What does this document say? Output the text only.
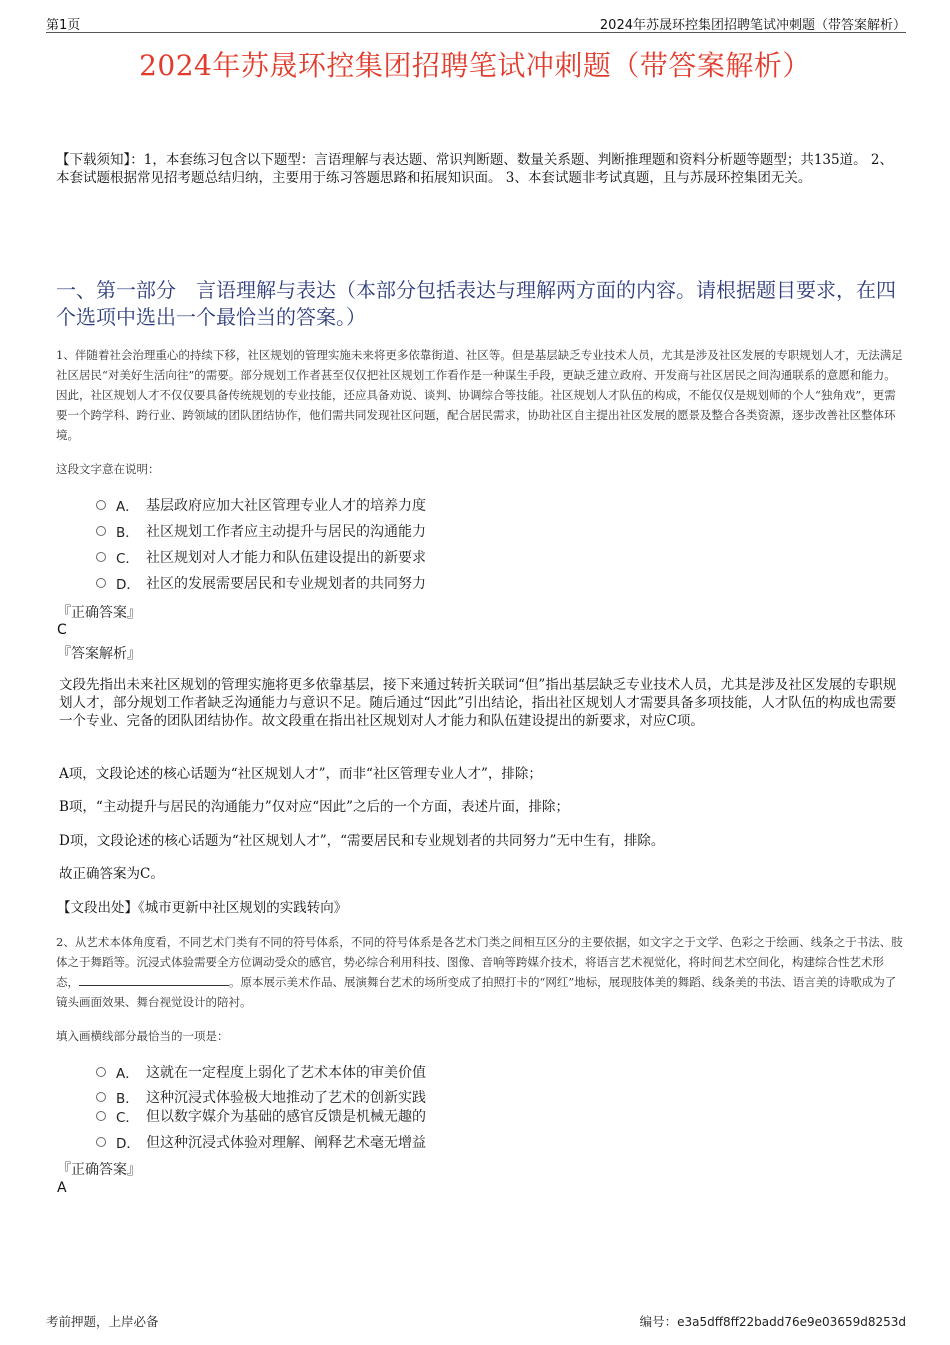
第1页	2024年苏晟环控集团招聘笔试冲刺题（带答案解析）
2024年苏晟环控集团招聘笔试冲刺题（带答案解析）
【下载须知】：1，本套练习包含以下题型：言语理解与表达题、常识判断题、数量关系题、判断推理题和资料分析题等题型；共135道。 2、本套试题根据常见招考题总结归纳，主要用于练习答题思路和拓展知识面。 3、本套试题非考试真题，且与苏晟环控集团无关。
一、第一部分　言语理解与表达（本部分包括表达与理解两方面的内容。请根据题目要求，在四个选项中选出一个最恰当的答案。）
1、伴随着社会治理重心的持续下移，社区规划的管理实施未来将更多依靠街道、社区等。但是基层缺乏专业技术人员，尤其是涉及社区发展的专职规划人才，无法满足社区居民“对美好生活向往”的需要。部分规划工作者甚至仅仅把社区规划工作看作是一种谋生手段，更缺乏建立政府、开发商与社区居民之间沟通联系的意愿和能力。因此，社区规划人才不仅仅要具备传统规划的专业技能，还应具备劝说、谈判、协调综合等技能。社区规划人才队伍的构成，不能仅仅是规划师的个人“独角戏”，更需要一个跨学科、跨行业、跨领域的团队团结协作，他们需共同发现社区问题，配合居民需求，协助社区自主提出社区发展的愿景及整合各类资源，逐步改善社区整体环境。
这段文字意在说明：
A． 基层政府应加大社区管理专业人才的培养力度
B． 社区规划工作者应主动提升与居民的沟通能力
C． 社区规划对人才能力和队伍建设提出的新要求
D． 社区的发展需要居民和专业规划者的共同努力
『正确答案』
C
『答案解析』
文段先指出未来社区规划的管理实施将更多依靠基层，接下来通过转折关联词“但”指出基层缺乏专业技术人员，尤其是涉及社区发展的专职规划人才，部分规划工作者缺乏沟通能力与意识不足。随后通过“因此”引出结论，指出社区规划人才需要具备多项技能，人才队伍的构成也需要一个专业、完备的团队团结协作。故文段重在指出社区规划对人才能力和队伍建设提出的新要求，对应C项。
A项，文段论述的核心话题为“社区规划人才”，而非“社区管理专业人才”，排除；
B项，“主动提升与居民的沟通能力”仅对应“因此”之后的一个方面，表述片面，排除；
D项，文段论述的核心话题为“社区规划人才”，“需要居民和专业规划者的共同努力”无中生有，排除。
故正确答案为C。
【文段出处】《城市更新中社区规划的实践转向》
2、从艺术本体角度看，不同艺术门类有不同的符号体系，不同的符号体系是各艺术门类之间相互区分的主要依据，如文字之于文学、色彩之于绘画、线条之于书法、肢体之于舞蹈等。沉浸式体验需要全方位调动受众的感官，势必综合利用科技、图像、音响等跨媒介技术，将语言艺术视觉化，将时间艺术空间化，构建综合性艺术形态，	。原本展示美术作品、展演舞台艺术的场所变成了拍照打卡的“网红”地标，展现肢体美的舞蹈、线条美的书法、语言美的诗歌成为了镜头画面效果、舞台视觉设计的陪衬。
填入画横线部分最恰当的一项是：
A． 这就在一定程度上弱化了艺术本体的审美价值
B． 这种沉浸式体验极大地推动了艺术的创新实践
C． 但以数字媒介为基础的感官反馈是机械无趣的
D． 但这种沉浸式体验对理解、阐释艺术毫无增益
『正确答案』
A
考前押题，上岸必备	编号：e3a5dff8ff22badd76e9e03659d8253d
